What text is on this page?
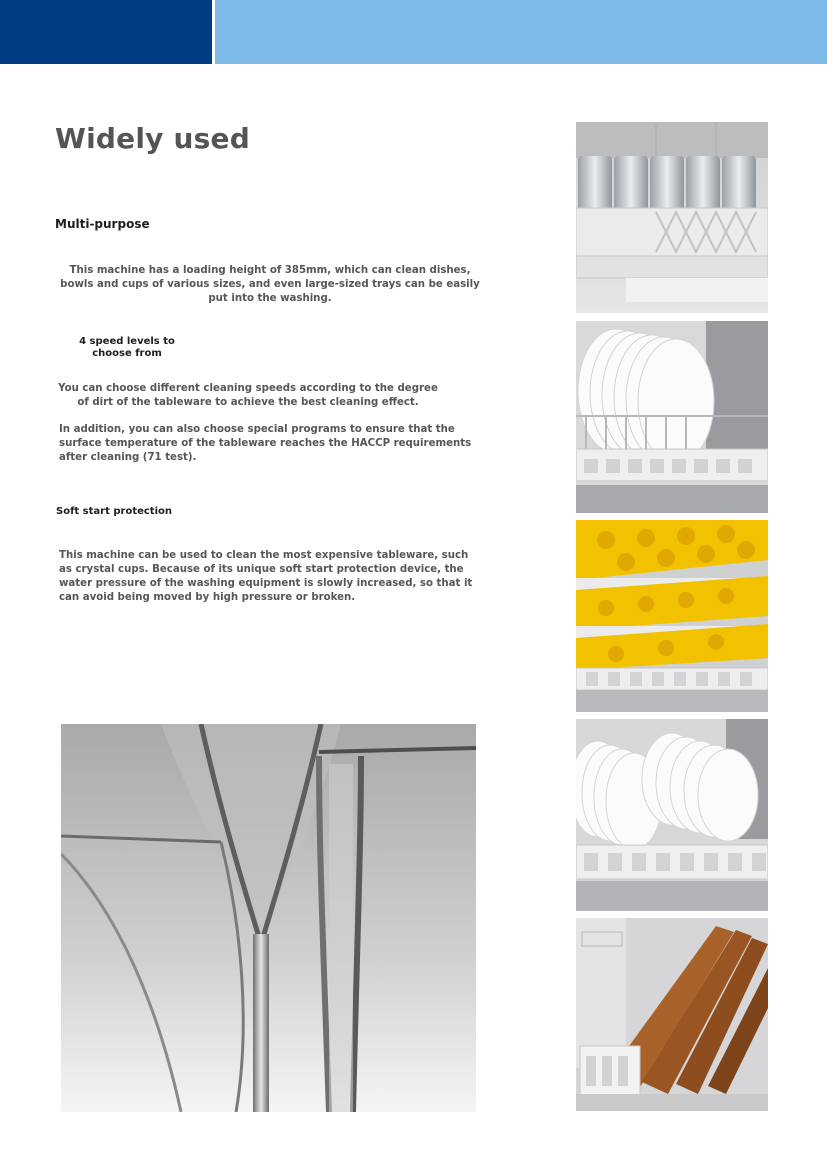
Widely used
Multi-purpose
This machine has a loading height of 385mm, which can clean dishes, bowls and cups of various sizes, and even large-sized trays can be easily put into the washing.
4 speed levels to choose from
You can choose different cleaning speeds according to the degree of dirt of the tableware to achieve the best cleaning effect.
In addition, you can also choose special programs to ensure that the surface temperature of the tableware reaches the HACCP requirements after cleaning (71 test).
Soft start protection
This machine can be used to clean the most expensive tableware, such as crystal cups. Because of its unique soft start protection device, the water pressure of the washing equipment is slowly increased, so that it can avoid being moved by high pressure or broken.
